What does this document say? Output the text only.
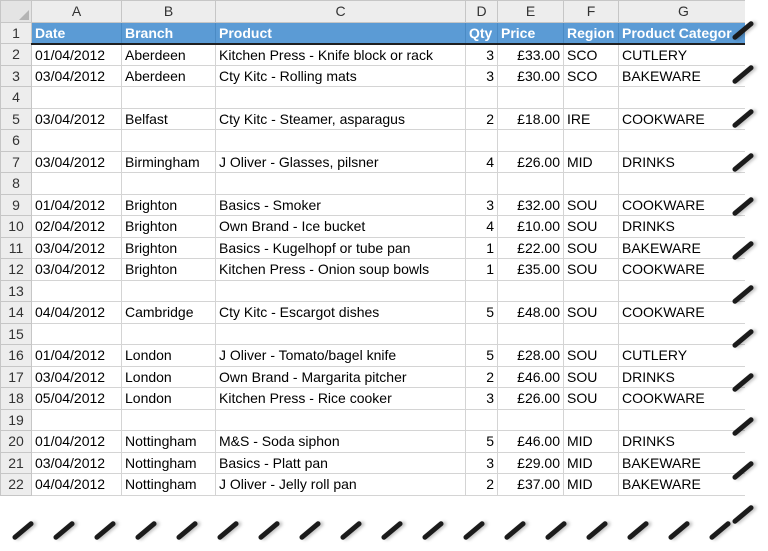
	A	B	C	D	E	F	G
1	Date	Branch	Product	Qty	Price	Region	Product Categor
2	01/04/2012	Aberdeen	Kitchen Press - Knife block or rack	3	£33.00	SCO	CUTLERY
3	03/04/2012	Aberdeen	Cty Kitc - Rolling mats	3	£30.00	SCO	BAKEWARE
4							
5	03/04/2012	Belfast	Cty Kitc - Steamer, asparagus	2	£18.00	IRE	COOKWARE
6							
7	03/04/2012	Birmingham	J Oliver - Glasses, pilsner	4	£26.00	MID	DRINKS
8							
9	01/04/2012	Brighton	Basics - Smoker	3	£32.00	SOU	COOKWARE
10	02/04/2012	Brighton	Own Brand - Ice bucket	4	£10.00	SOU	DRINKS
11	03/04/2012	Brighton	Basics - Kugelhopf or tube pan	1	£22.00	SOU	BAKEWARE
12	03/04/2012	Brighton	Kitchen Press - Onion soup bowls	1	£35.00	SOU	COOKWARE
13							
14	04/04/2012	Cambridge	Cty Kitc - Escargot dishes	5	£48.00	SOU	COOKWARE
15							
16	01/04/2012	London	J Oliver - Tomato/bagel knife	5	£28.00	SOU	CUTLERY
17	03/04/2012	London	Own Brand - Margarita pitcher	2	£46.00	SOU	DRINKS
18	05/04/2012	London	Kitchen Press - Rice cooker	3	£26.00	SOU	COOKWARE
19							
20	01/04/2012	Nottingham	M&S - Soda siphon	5	£46.00	MID	DRINKS
21	03/04/2012	Nottingham	Basics - Platt pan	3	£29.00	MID	BAKEWARE
22	04/04/2012	Nottingham	J Oliver - Jelly roll pan	2	£37.00	MID	BAKEWARE
